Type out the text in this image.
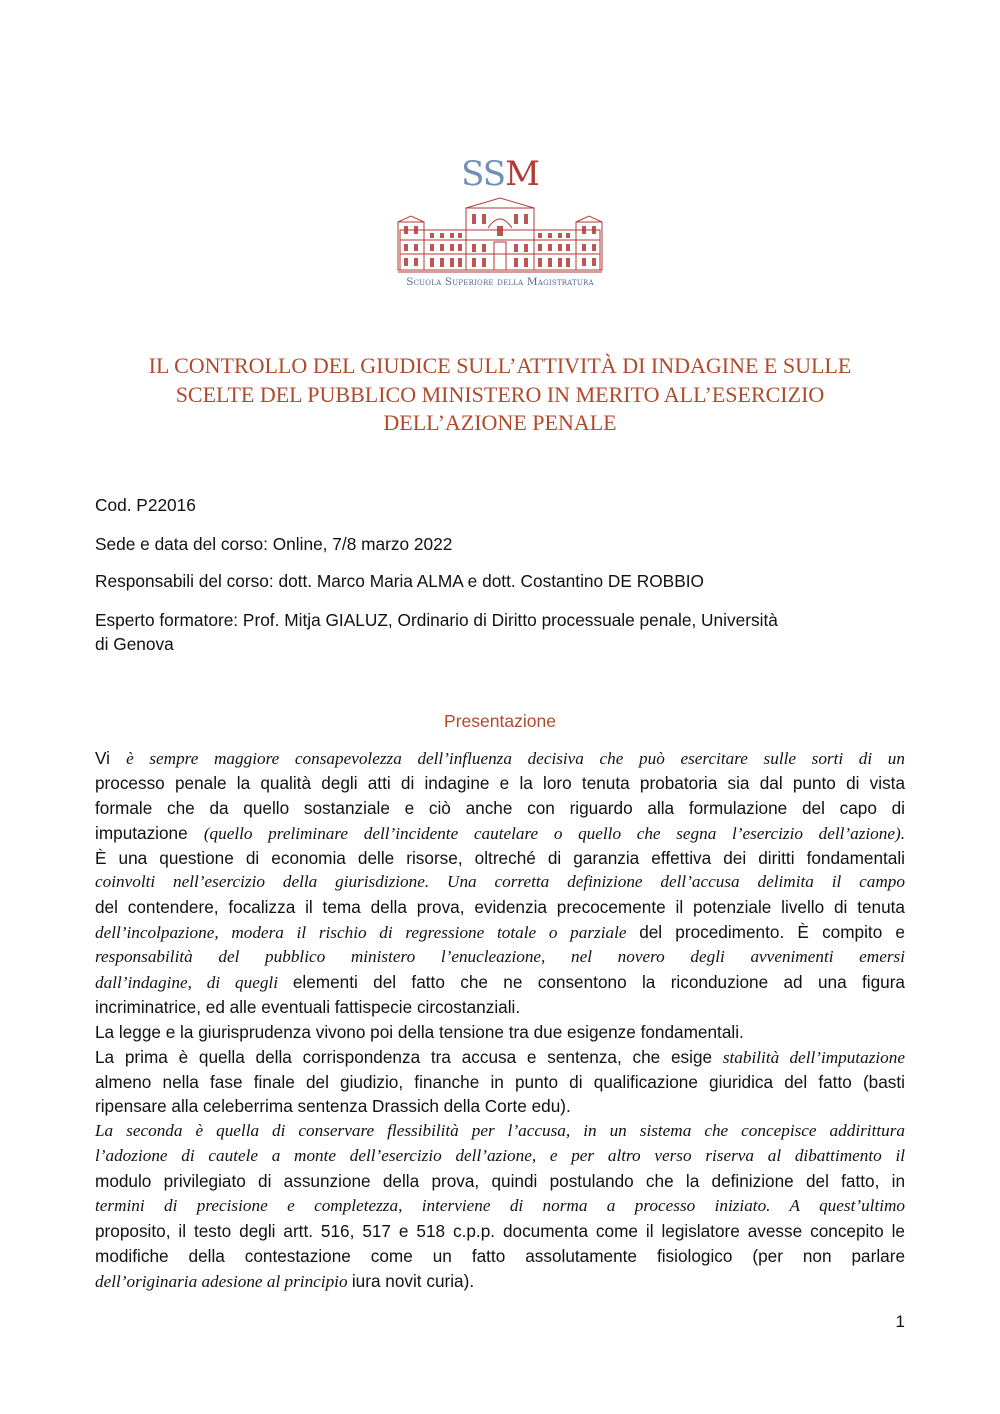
SSM
Scuola Superiore della Magistratura
IL CONTROLLO DEL GIUDICE SULL’ATTIVITÀ DI INDAGINE E SULLE
SCELTE DEL PUBBLICO MINISTERO IN MERITO ALL’ESERCIZIO
DELL’AZIONE PENALE
Cod. P22016
Sede e data del corso: Online, 7/8 marzo 2022
Responsabili del corso: dott. Marco Maria ALMA e dott. Costantino DE ROBBIO
Esperto formatore: Prof. Mitja GIALUZ, Ordinario di Diritto processuale penale, Università
di Genova
Presentazione
Vi è sempre maggiore consapevolezza dell’influenza decisiva che può esercitare sulle sorti di un
processo penale la qualità degli atti di indagine e la loro tenuta probatoria sia dal punto di vista
formale che da quello sostanziale e ciò anche con riguardo alla formulazione del capo di
imputazione (quello preliminare dell’incidente cautelare o quello che segna l’esercizio dell’azione).
È una questione di economia delle risorse, oltreché di garanzia effettiva dei diritti fondamentali
coinvolti nell’esercizio della giurisdizione. Una corretta definizione dell’accusa delimita il campo
del contendere, focalizza il tema della prova, evidenzia precocemente il potenziale livello di tenuta
dell’incolpazione, modera il rischio di regressione totale o parziale del procedimento. È compito e
responsabilità del pubblico ministero l’enucleazione, nel novero degli avvenimenti emersi
dall’indagine, di quegli elementi del fatto che ne consentono la riconduzione ad una figura
incriminatrice, ed alle eventuali fattispecie circostanziali.
La legge e la giurisprudenza vivono poi della tensione tra due esigenze fondamentali.
La prima è quella della corrispondenza tra accusa e sentenza, che esige stabilità dell’imputazione
almeno nella fase finale del giudizio, finanche in punto di qualificazione giuridica del fatto (basti
ripensare alla celeberrima sentenza Drassich della Corte edu).
La seconda è quella di conservare flessibilità per l’accusa, in un sistema che concepisce addirittura
l’adozione di cautele a monte dell’esercizio dell’azione, e per altro verso riserva al dibattimento il
modulo privilegiato di assunzione della prova, quindi postulando che la definizione del fatto, in
termini di precisione e completezza, interviene di norma a processo iniziato. A quest’ultimo
proposito, il testo degli artt. 516, 517 e 518 c.p.p. documenta come il legislatore avesse concepito le
modifiche della contestazione come un fatto assolutamente fisiologico (per non parlare
dell’originaria adesione al principio iura novit curia).
1
